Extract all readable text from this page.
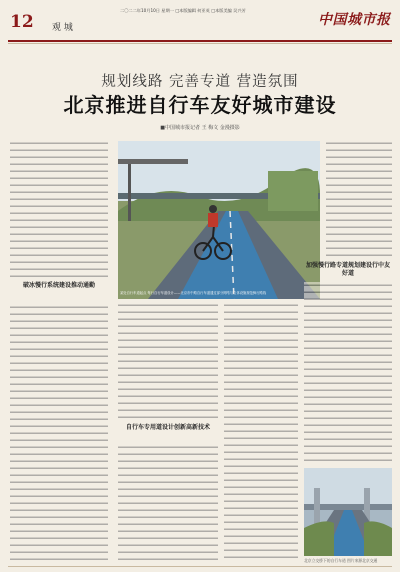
12 观 城
二〇二二年10月10日 星期一 □本版编辑 何亚英 □本版美编 吴兴芳
中国城市报
规划线路 完善专道 营造氛围
北京推进自行车友好城市建设
■中国城市报记者 王 梅文 金漫摄影
破冰慢行系统建设推动通勤
某处自行车道起点 每行自行车道设计——北京市中路自行车道通过部分网络与立体设施规范骑行路线
自行车专用道设计创新高新技术
加强慢行路专道规划建设行中友好道
北京立交桥下的自行车道 图片来源北京交通
